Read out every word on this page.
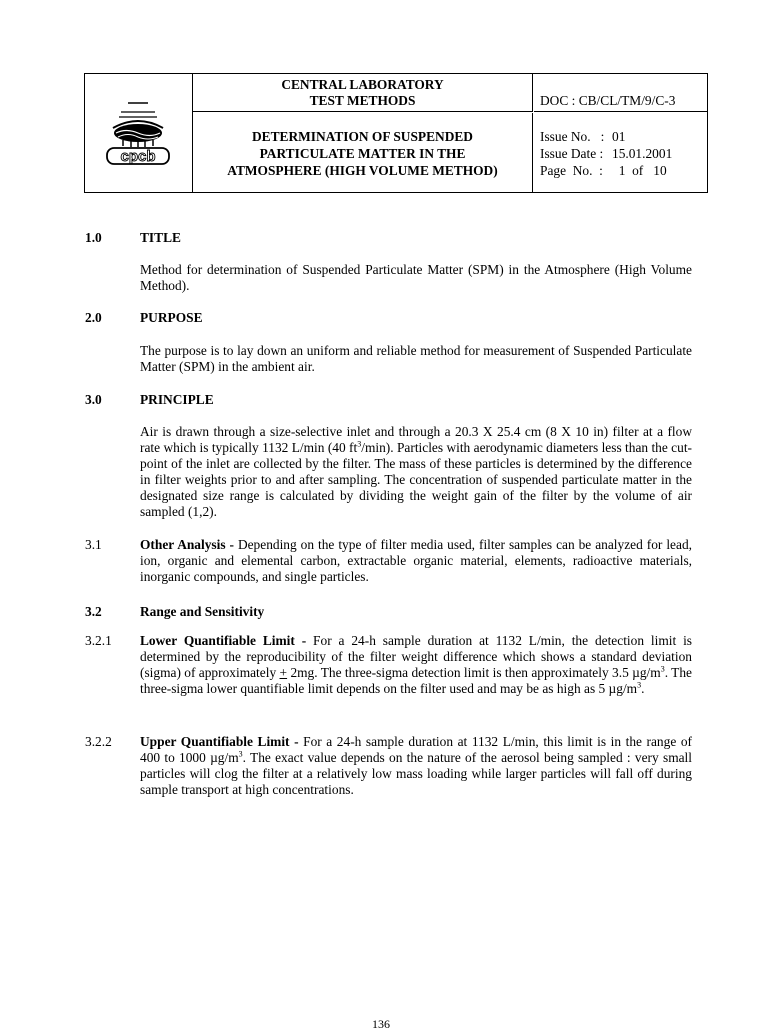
cpcb
CENTRAL LABORATORY
TEST METHODS	DOC : CB/CL/TM/9/C-3
DETERMINATION OF SUSPENDED
PARTICULATE MATTER IN THE
ATMOSPHERE (HIGH VOLUME METHOD)
Issue No.   : 01
Issue Date : 15.01.2001
Page  No.  : 1  of   10
1.0	TITLE
Method for determination of Suspended Particulate Matter (SPM) in the Atmosphere (High Volume Method).
2.0	PURPOSE
The purpose is to lay down an uniform and reliable method for measurement of Suspended Particulate Matter (SPM) in the ambient air.
3.0	PRINCIPLE
Air is drawn through a size-selective inlet and through a 20.3 X 25.4 cm (8 X 10 in) filter at a flow rate which is typically 1132 L/min (40 $ft^3/\min$). Particles with aerodynamic diameters less than the cut-point of the inlet are collected by the filter. The mass of these particles is determined by the difference in filter weights prior to and after sampling. The concentration of suspended particulate matter in the designated size range is calculated by dividing the weight gain of the filter by the volume of air sampled (1,2).
3.1	Other Analysis - Depending on the type of filter media used, filter samples can be analyzed for lead, ion, organic and elemental carbon, extractable organic material, elements, radioactive materials, inorganic compounds, and single particles.
3.2	Range and Sensitivity
3.2.1	Lower Quantifiable Limit - For a 24-h sample duration at 1132 L/min, the detection limit is determined by the reproducibility of the filter weight difference which shows a standard deviation (sigma) of approximately + 2mg. The three-sigma detection limit is then approximately 3.5 $\mu g/m^3$. The three-sigma lower quantifiable limit depends on the filter used and may be as high as 5 $\mu g/m^3$.
3.2.2	Upper Quantifiable Limit - For a 24-h sample duration at 1132 L/min, this limit is in the range of 400 to 1000 $\mu g/m^3$. The exact value depends on the nature of the aerosol being sampled : very small particles will clog the filter at a relatively low mass loading while larger particles will fall off during sample transport at high concentrations.
136
